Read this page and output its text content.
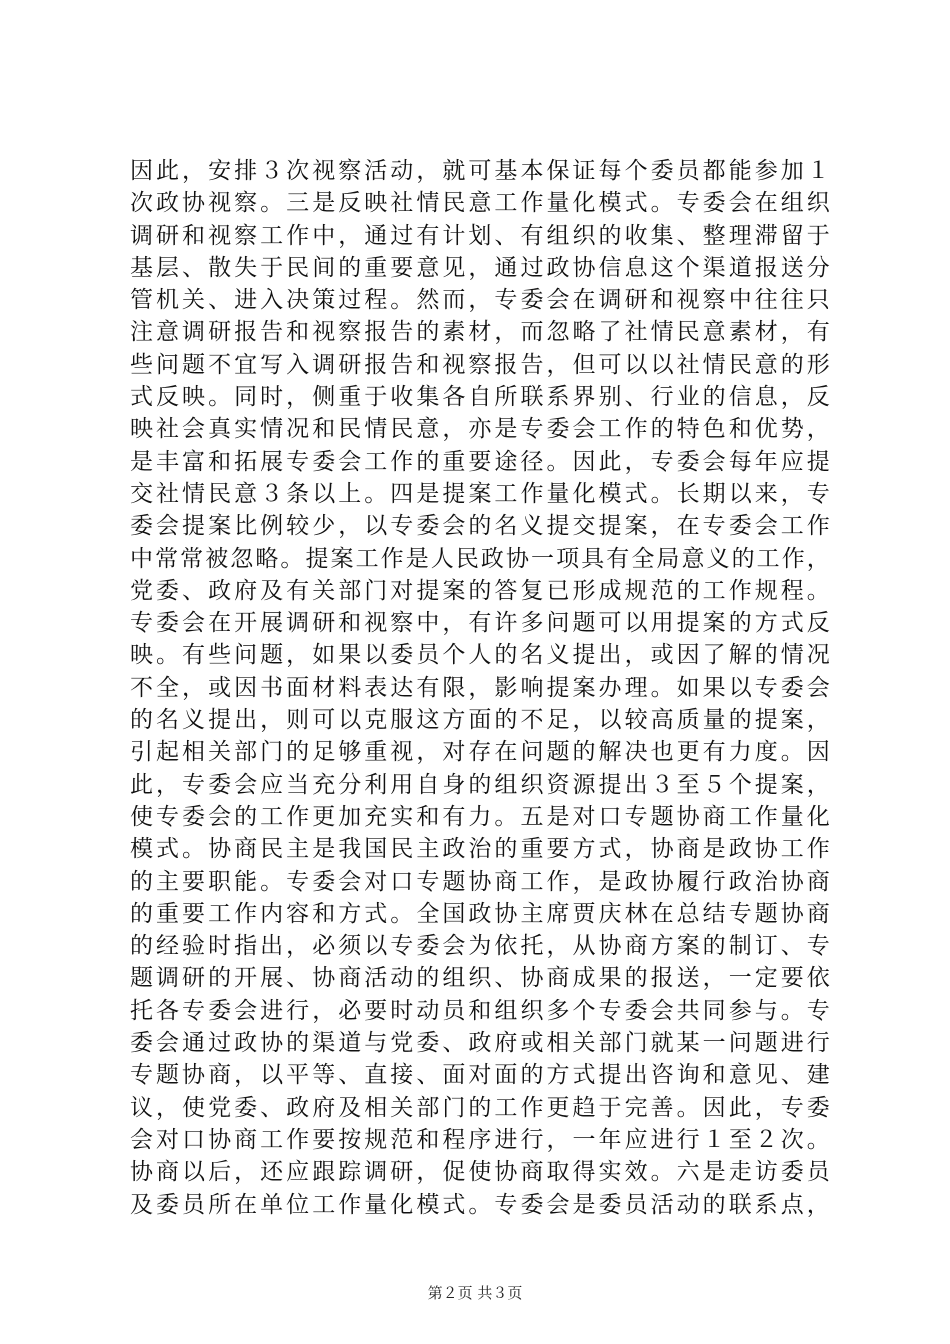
因此，安排３次视察活动，就可基本保证每个委员都能参加１
次政协视察。三是反映社情民意工作量化模式。专委会在组织
调研和视察工作中，通过有计划、有组织的收集、整理滞留于
基层、散失于民间的重要意见，通过政协信息这个渠道报送分
管机关、进入决策过程。然而，专委会在调研和视察中往往只
注意调研报告和视察报告的素材，而忽略了社情民意素材，有
些问题不宜写入调研报告和视察报告，但可以以社情民意的形
式反映。同时，侧重于收集各自所联系界别、行业的信息，反
映社会真实情况和民情民意，亦是专委会工作的特色和优势，
是丰富和拓展专委会工作的重要途径。因此，专委会每年应提
交社情民意３条以上。四是提案工作量化模式。长期以来，专
委会提案比例较少，以专委会的名义提交提案，在专委会工作
中常常被忽略。提案工作是人民政协一项具有全局意义的工作，
党委、政府及有关部门对提案的答复已形成规范的工作规程。
专委会在开展调研和视察中，有许多问题可以用提案的方式反
映。有些问题，如果以委员个人的名义提出，或因了解的情况
不全，或因书面材料表达有限，影响提案办理。如果以专委会
的名义提出，则可以克服这方面的不足，以较高质量的提案，
引起相关部门的足够重视，对存在问题的解决也更有力度。因
此，专委会应当充分利用自身的组织资源提出３至５个提案，
使专委会的工作更加充实和有力。五是对口专题协商工作量化
模式。协商民主是我国民主政治的重要方式，协商是政协工作
的主要职能。专委会对口专题协商工作，是政协履行政治协商
的重要工作内容和方式。全国政协主席贾庆林在总结专题协商
的经验时指出，必须以专委会为依托，从协商方案的制订、专
题调研的开展、协商活动的组织、协商成果的报送，一定要依
托各专委会进行，必要时动员和组织多个专委会共同参与。专
委会通过政协的渠道与党委、政府或相关部门就某一问题进行
专题协商，以平等、直接、面对面的方式提出咨询和意见、建
议，使党委、政府及相关部门的工作更趋于完善。因此，专委
会对口协商工作要按规范和程序进行，一年应进行１至２次。
协商以后，还应跟踪调研，促使协商取得实效。六是走访委员
及委员所在单位工作量化模式。专委会是委员活动的联系点，
第２页 共３页
